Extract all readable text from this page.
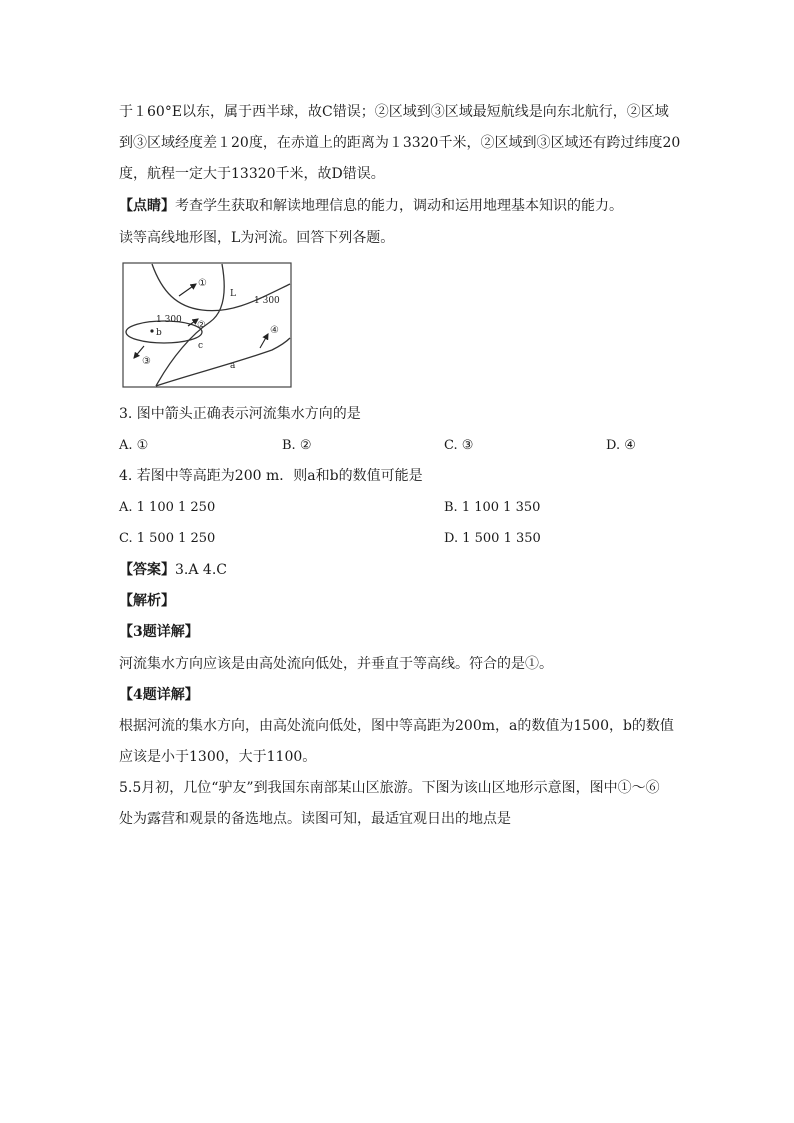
于１60°E以东，属于西半球，故C错误；②区域到③区域最短航线是向东北航行，②区域
到③区域经度差１20度，在赤道上的距离为１3320千米，②区域到③区域还有跨过纬度20
度，航程一定大于13320千米，故D错误。
【点睛】考查学生获取和解读地理信息的能力，调动和运用地理基本知识的能力。
读等高线地形图，L为河流。回答下列各题。
①
②
③
④
L
1 300
1 300
b
c
a
3. 图中箭头正确表示河流集水方向的是
A. ①	B. ②	C. ③	D. ④
4. 若图中等高距为200 m．则a和b的数值可能是
A. 1 100 1 250	B. 1 100 1 350
C. 1 500 1 250	D. 1 500 1 350
【答案】3.A 4.C
【解析】
【3题详解】
河流集水方向应该是由高处流向低处，并垂直于等高线。符合的是①。
【4题详解】
根据河流的集水方向，由高处流向低处，图中等高距为200m，a的数值为1500，b的数值
应该是小于1300，大于1100。
5.5月初，几位“驴友”到我国东南部某山区旅游。下图为该山区地形示意图，图中①～⑥
处为露营和观景的备选地点。读图可知，最适宜观日出的地点是
